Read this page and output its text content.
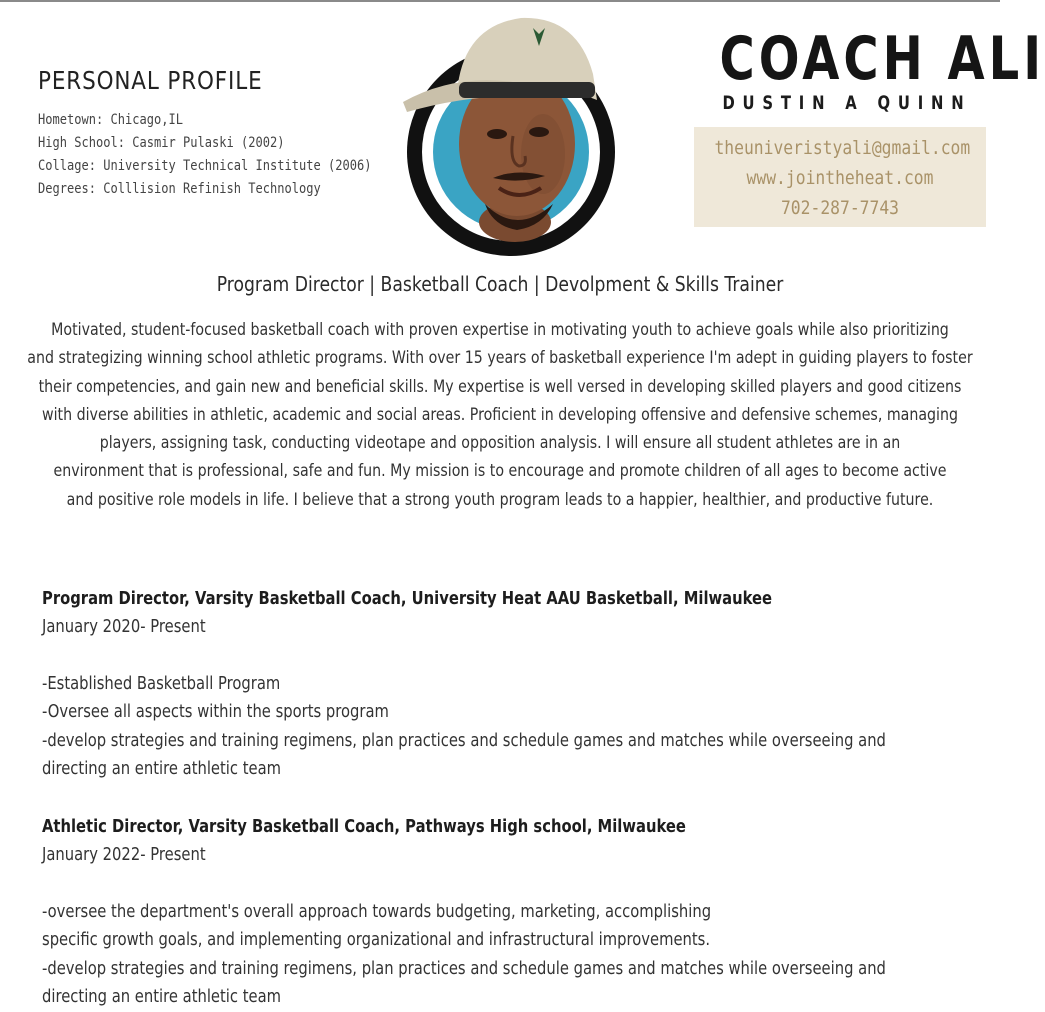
PERSONAL PROFILE
Hometown: Chicago,IL
High School: Casmir Pulaski (2002)
Collage: University Technical Institute (2006)
Degrees: Colllision Refinish Technology
COACH ALI
DUSTIN A QUINN
theuniveristyali@gmail.com
www.jointheheat.com
702-287-7743
Program Director | Basketball Coach | Devolpment & Skills Trainer
Motivated, student-focused basketball coach with proven expertise in motivating youth to achieve goals while also prioritizing
and strategizing winning school athletic programs. With over 15 years of basketball experience I'm adept in guiding players to foster
their competencies, and gain new and beneficial skills. My expertise is well versed in developing skilled players and good citizens
with diverse abilities in athletic, academic and social areas. Proficient in developing offensive and defensive schemes, managing
players, assigning task, conducting videotape and opposition analysis. I will ensure all student athletes are in an
environment that is professional, safe and fun. My mission is to encourage and promote children of all ages to become active
and positive role models in life. I believe that a strong youth program leads to a happier, healthier, and productive future.
Program Director, Varsity Basketball Coach, University Heat AAU Basketball, Milwaukee
January 2020- Present
-Established Basketball Program
-Oversee all aspects within the sports program
-develop strategies and training regimens, plan practices and schedule games and matches while overseeing and
directing an entire athletic team
Athletic Director, Varsity Basketball Coach, Pathways High school, Milwaukee
January 2022- Present
-oversee the department's overall approach towards budgeting, marketing, accomplishing
specific growth goals, and implementing organizational and infrastructural improvements.
-develop strategies and training regimens, plan practices and schedule games and matches while overseeing and
directing an entire athletic team
